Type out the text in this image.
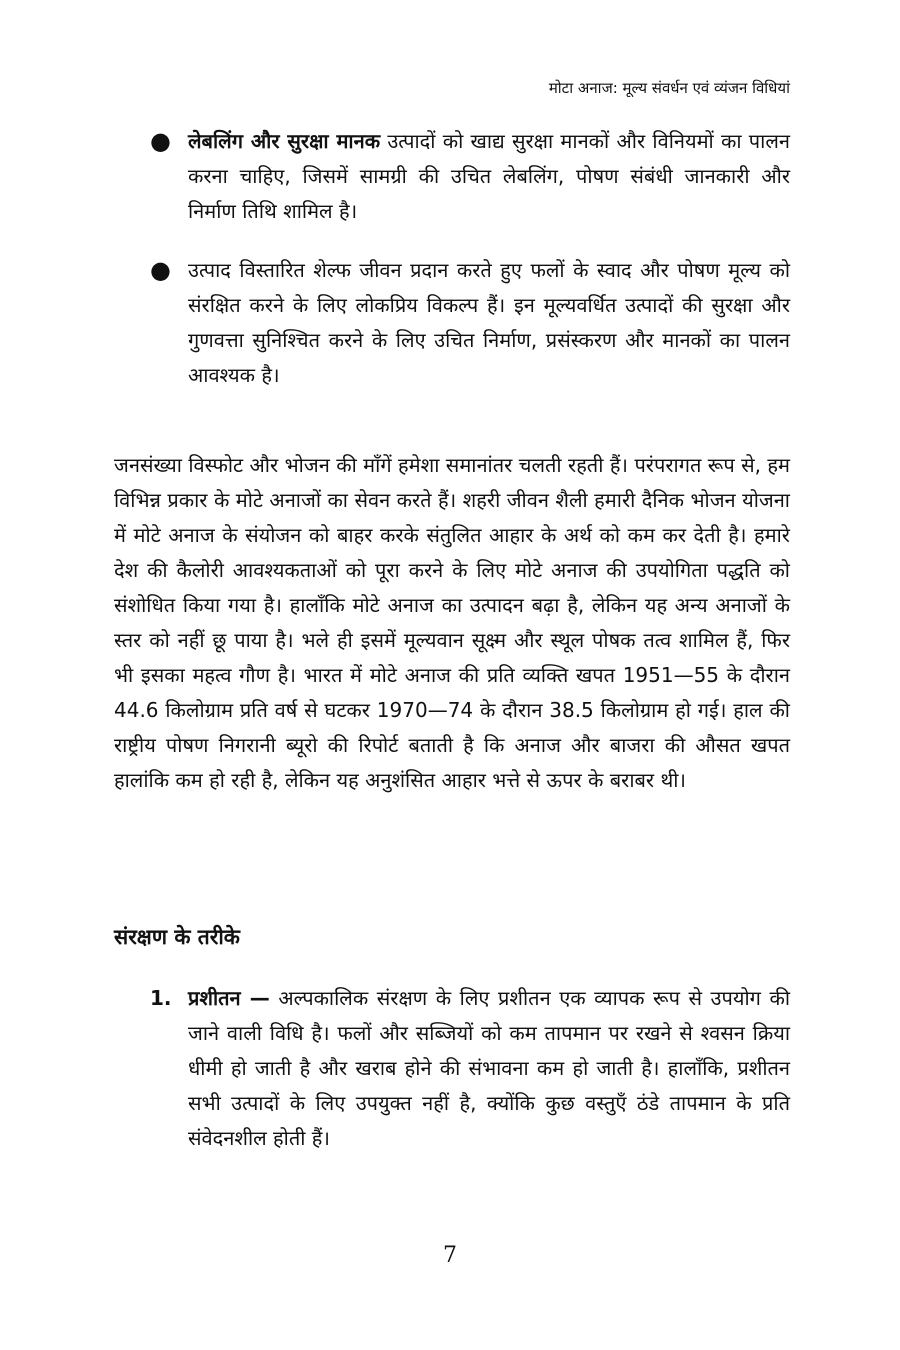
मोटा अनाज: मूल्य संवर्धन एवं व्यंजन विधियां
● लेबलिंग और सुरक्षा मानक उत्पादों को खाद्य सुरक्षा मानकों और विनियमों का पालन करना चाहिए, जिसमें सामग्री की उचित लेबलिंग, पोषण संबंधी जानकारी और निर्माण तिथि शामिल है।
● उत्पाद विस्तारित शेल्फ जीवन प्रदान करते हुए फलों के स्वाद और पोषण मूल्य को संरक्षित करने के लिए लोकप्रिय विकल्प हैं। इन मूल्यवर्धित उत्पादों की सुरक्षा और गुणवत्ता सुनिश्चित करने के लिए उचित निर्माण, प्रसंस्करण और मानकों का पालन आवश्यक है।

जनसंख्या विस्फोट और भोजन की माँगें हमेशा समानांतर चलती रहती हैं। परंपरागत रूप से, हम विभिन्न प्रकार के मोटे अनाजों का सेवन करते हैं। शहरी जीवन शैली हमारी दैनिक भोजन योजना में मोटे अनाज के संयोजन को बाहर करके संतुलित आहार के अर्थ को कम कर देती है। हमारे देश की कैलोरी आवश्यकताओं को पूरा करने के लिए मोटे अनाज की उपयोगिता पद्धति को संशोधित किया गया है। हालाँकि मोटे अनाज का उत्पादन बढ़ा है, लेकिन यह अन्य अनाजों के स्तर को नहीं छू पाया है। भले ही इसमें मूल्यवान सूक्ष्म और स्थूल पोषक तत्व शामिल हैं, फिर भी इसका महत्व गौण है। भारत में मोटे अनाज की प्रति व्यक्ति खपत 1951—55 के दौरान 44.6 किलोग्राम प्रति वर्ष से घटकर 1970—74 के दौरान 38.5 किलोग्राम हो गई। हाल की राष्ट्रीय पोषण निगरानी ब्यूरो की रिपोर्ट बताती है कि अनाज और बाजरा की औसत खपत हालांकि कम हो रही है, लेकिन यह अनुशंसित आहार भत्ते से ऊपर के बराबर थी।

संरक्षण के तरीके

1. प्रशीतन — अल्पकालिक संरक्षण के लिए प्रशीतन एक व्यापक रूप से उपयोग की जाने वाली विधि है। फलों और सब्जियों को कम तापमान पर रखने से श्वसन क्रिया धीमी हो जाती है और खराब होने की संभावना कम हो जाती है। हालाँकि, प्रशीतन सभी उत्पादों के लिए उपयुक्त नहीं है, क्योंकि कुछ वस्तुएँ ठंडे तापमान के प्रति संवेदनशील होती हैं।

7
